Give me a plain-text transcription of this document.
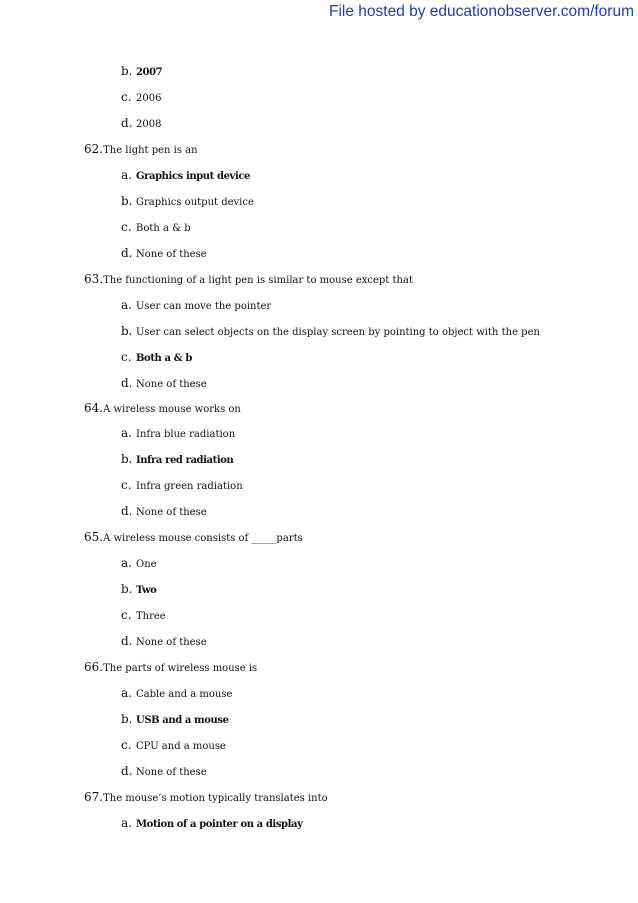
File hosted by educationobserver.com/forum
b. 2007
c. 2006
d. 2008
62.The light pen is an
a. Graphics input device
b. Graphics output device
c. Both a & b
d. None of these
63.The functioning of a light pen is similar to mouse except that
a. User can move the pointer
b. User can select objects on the display screen by pointing to object with the pen
c. Both a & b
d. None of these
64.A wireless mouse works on
a. Infra blue radiation
b. Infra red radiation
c. Infra green radiation
d. None of these
65.A wireless mouse consists of _____parts
a. One
b. Two
c. Three
d. None of these
66.The parts of wireless mouse is
a. Cable and a mouse
b. USB and a mouse
c. CPU and a mouse
d. None of these
67.The mouse’s motion typically translates into
a. Motion of a pointer on a display
